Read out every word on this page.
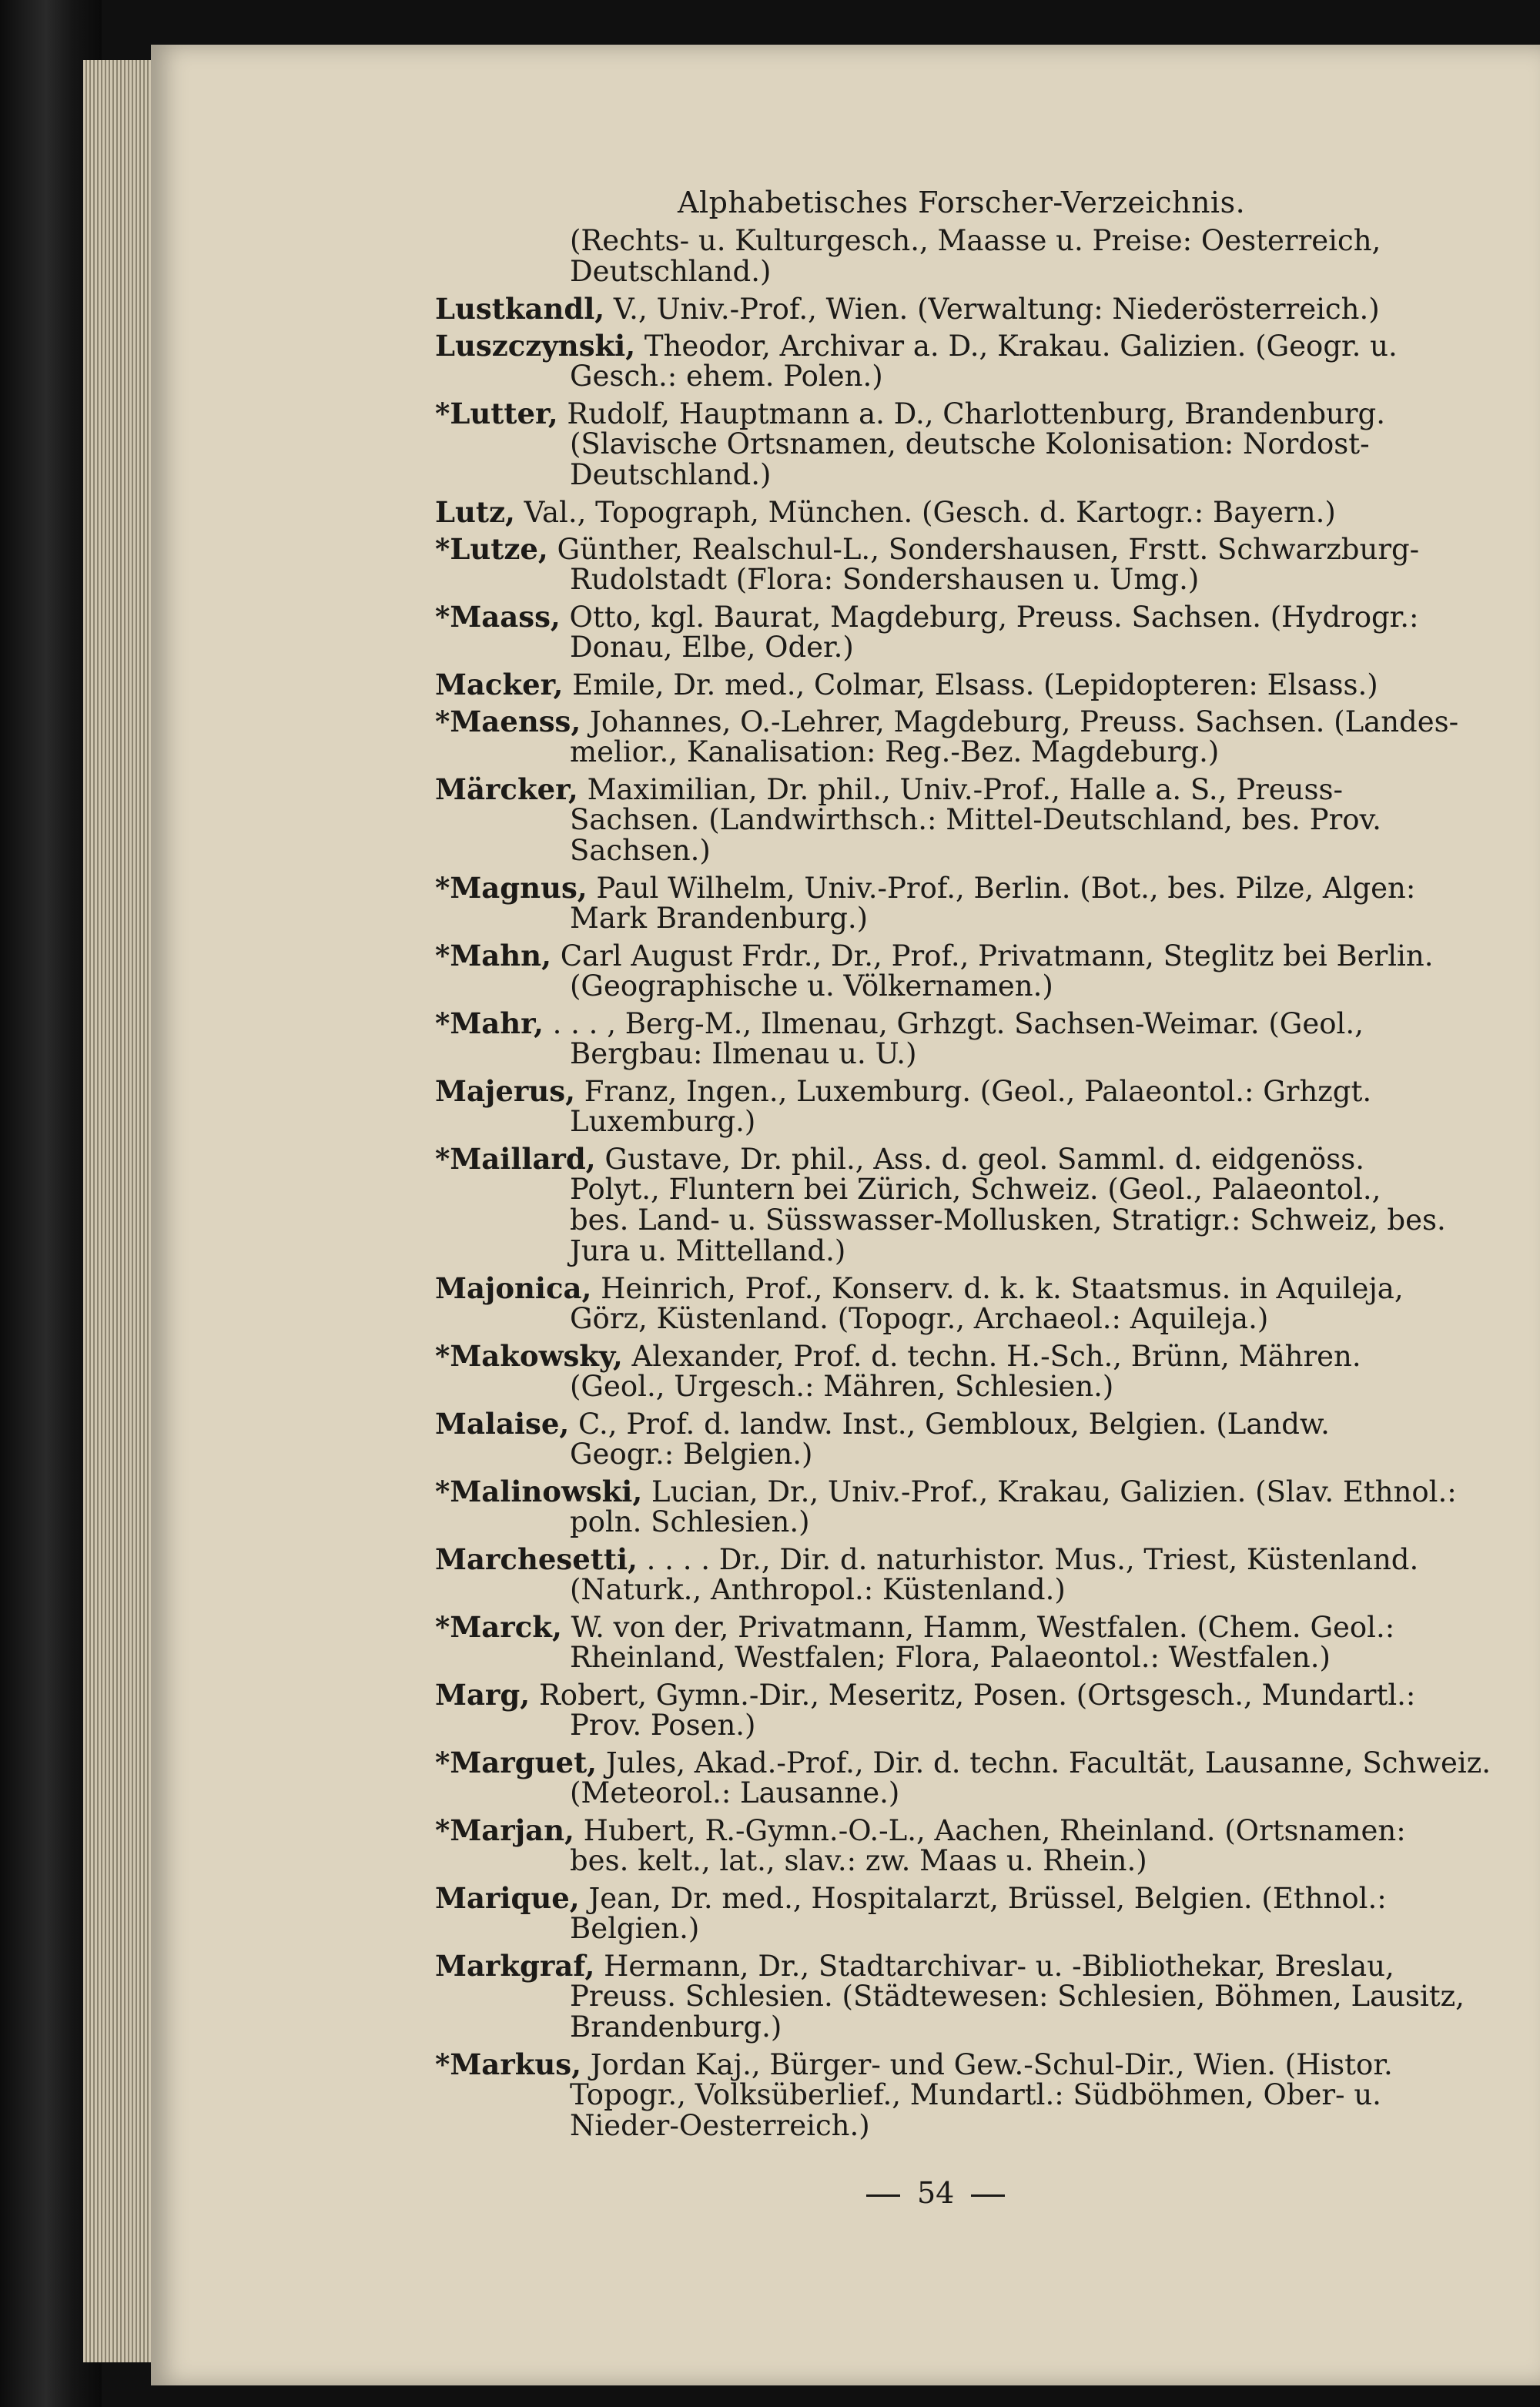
Alphabetisches Forscher-Verzeichnis.
(Rechts- u. Kulturgesch., Maasse u. Preise: Oesterreich,
Deutschland.)
Lustkandl, V., Univ.-Prof., Wien. (Verwaltung: Niederösterreich.)
Luszczynski, Theodor, Archivar a. D., Krakau. Galizien. (Geogr. u.
Gesch.: ehem. Polen.)
*Lutter, Rudolf, Hauptmann a. D., Charlottenburg, Brandenburg.
(Slavische Ortsnamen, deutsche Kolonisation: Nordost-
Deutschland.)
Lutz, Val., Topograph, München. (Gesch. d. Kartogr.: Bayern.)
*Lutze, Günther, Realschul-L., Sondershausen, Frstt. Schwarzburg-
Rudolstadt (Flora: Sondershausen u. Umg.)
*Maass, Otto, kgl. Baurat, Magdeburg, Preuss. Sachsen. (Hydrogr.:
Donau, Elbe, Oder.)
Macker, Emile, Dr. med., Colmar, Elsass. (Lepidopteren: Elsass.)
*Maenss, Johannes, O.-Lehrer, Magdeburg, Preuss. Sachsen. (Landes-
melior., Kanalisation: Reg.-Bez. Magdeburg.)
Märcker, Maximilian, Dr. phil., Univ.-Prof., Halle a. S., Preuss-
Sachsen. (Landwirthsch.: Mittel-Deutschland, bes. Prov.
Sachsen.)
*Magnus, Paul Wilhelm, Univ.-Prof., Berlin. (Bot., bes. Pilze, Algen:
Mark Brandenburg.)
*Mahn, Carl August Frdr., Dr., Prof., Privatmann, Steglitz bei Berlin.
(Geographische u. Völkernamen.)
*Mahr, . . . , Berg-M., Ilmenau, Grhzgt. Sachsen-Weimar. (Geol.,
Bergbau: Ilmenau u. U.)
Majerus, Franz, Ingen., Luxemburg. (Geol., Palaeontol.: Grhzgt.
Luxemburg.)
*Maillard, Gustave, Dr. phil., Ass. d. geol. Samml. d. eidgenöss.
Polyt., Fluntern bei Zürich, Schweiz. (Geol., Palaeontol.,
bes. Land- u. Süsswasser-Mollusken, Stratigr.: Schweiz, bes.
Jura u. Mittelland.)
Majonica, Heinrich, Prof., Konserv. d. k. k. Staatsmus. in Aquileja,
Görz, Küstenland. (Topogr., Archaeol.: Aquileja.)
*Makowsky, Alexander, Prof. d. techn. H.-Sch., Brünn, Mähren.
(Geol., Urgesch.: Mähren, Schlesien.)
Malaise, C., Prof. d. landw. Inst., Gembloux, Belgien. (Landw.
Geogr.: Belgien.)
*Malinowski, Lucian, Dr., Univ.-Prof., Krakau, Galizien. (Slav. Ethnol.:
poln. Schlesien.)
Marchesetti, . . . . Dr., Dir. d. naturhistor. Mus., Triest, Küstenland.
(Naturk., Anthropol.: Küstenland.)
*Marck, W. von der, Privatmann, Hamm, Westfalen. (Chem. Geol.:
Rheinland, Westfalen; Flora, Palaeontol.: Westfalen.)
Marg, Robert, Gymn.-Dir., Meseritz, Posen. (Ortsgesch., Mundartl.:
Prov. Posen.)
*Marguet, Jules, Akad.-Prof., Dir. d. techn. Facultät, Lausanne, Schweiz.
(Meteorol.: Lausanne.)
*Marjan, Hubert, R.-Gymn.-O.-L., Aachen, Rheinland. (Ortsnamen:
bes. kelt., lat., slav.: zw. Maas u. Rhein.)
Marique, Jean, Dr. med., Hospitalarzt, Brüssel, Belgien. (Ethnol.:
Belgien.)
Markgraf, Hermann, Dr., Stadtarchivar- u. -Bibliothekar, Breslau,
Preuss. Schlesien. (Städtewesen: Schlesien, Böhmen, Lausitz,
Brandenburg.)
*Markus, Jordan Kaj., Bürger- und Gew.-Schul-Dir., Wien. (Histor.
Topogr., Volksüberlief., Mundartl.: Südböhmen, Ober- u.
Nieder-Oesterreich.)
54
